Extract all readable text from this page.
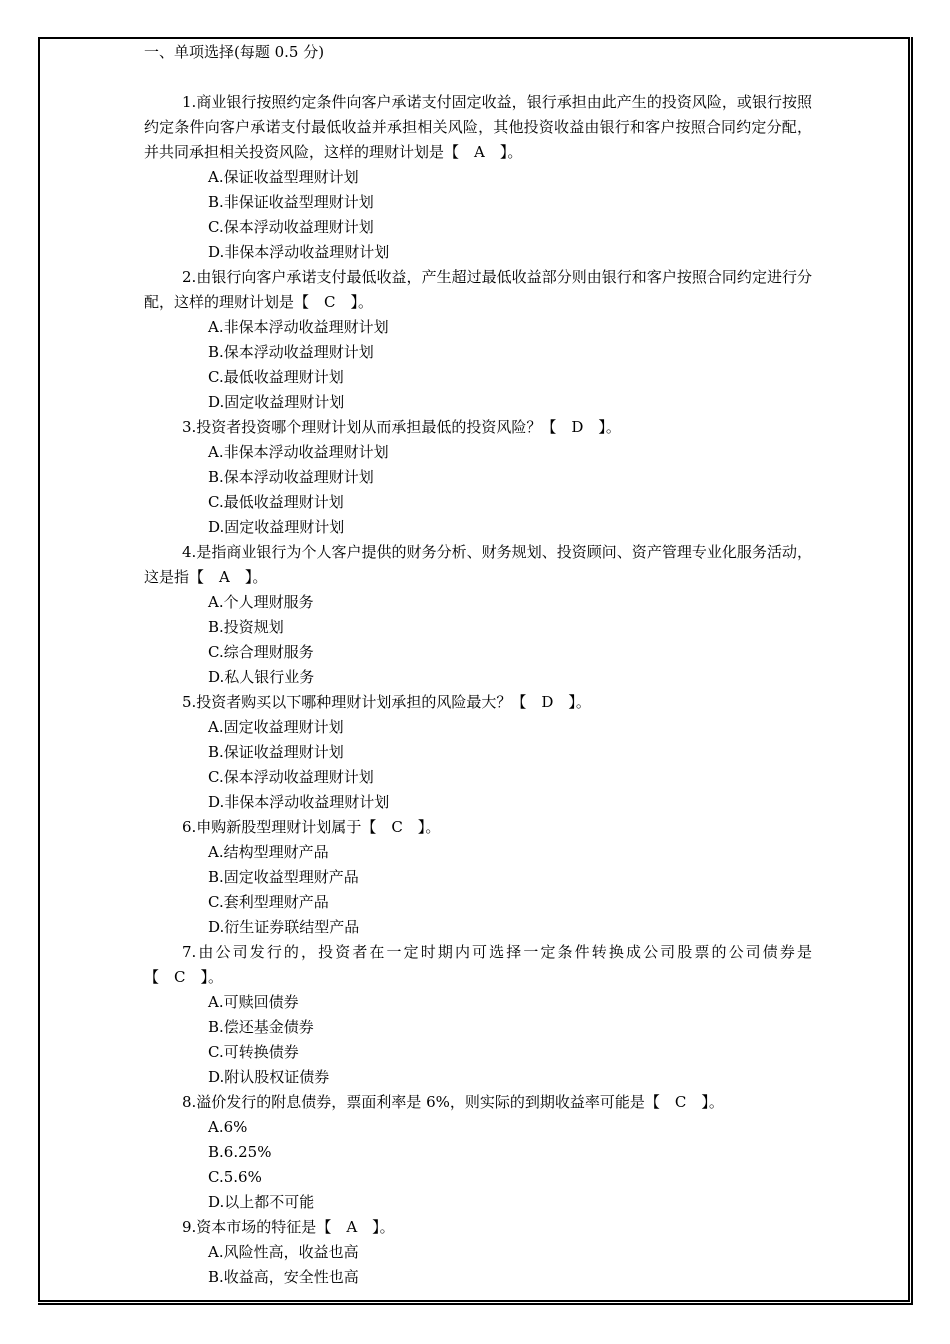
一、单项选择(每题 0.5 分)
1.商业银行按照约定条件向客户承诺支付固定收益，银行承担由此产生的投资风险，或银行按照约定条件向客户承诺支付最低收益并承担相关风险，其他投资收益由银行和客户按照合同约定分配，并共同承担相关投资风险，这样的理财计划是【　A　】。
A.保证收益型理财计划
B.非保证收益型理财计划
C.保本浮动收益理财计划
D.非保本浮动收益理财计划
2.由银行向客户承诺支付最低收益，产生超过最低收益部分则由银行和客户按照合同约定进行分配，这样的理财计划是【　C　】。
A.非保本浮动收益理财计划
B.保本浮动收益理财计划
C.最低收益理财计划
D.固定收益理财计划
3.投资者投资哪个理财计划从而承担最低的投资风险？【　D　】。
A.非保本浮动收益理财计划
B.保本浮动收益理财计划
C.最低收益理财计划
D.固定收益理财计划
4.是指商业银行为个人客户提供的财务分析、财务规划、投资顾问、资产管理专业化服务活动，这是指【　A　】。
A.个人理财服务
B.投资规划
C.综合理财服务
D.私人银行业务
5.投资者购买以下哪种理财计划承担的风险最大？【　D　】。
A.固定收益理财计划
B.保证收益理财计划
C.保本浮动收益理财计划
D.非保本浮动收益理财计划
6.申购新股型理财计划属于【　C　】。
A.结构型理财产品
B.固定收益型理财产品
C.套利型理财产品
D.衍生证券联结型产品
7.由公司发行的，投资者在一定时期内可选择一定条件转换成公司股票的公司债券是【　C　】。
A.可赎回债券
B.偿还基金债券
C.可转换债券
D.附认股权证债券
8.溢价发行的附息债券，票面利率是 6%，则实际的到期收益率可能是【　C　】。
A.6%
B.6.25%
C.5.6%
D.以上都不可能
9.资本市场的特征是【　A　】。
A.风险性高，收益也高
B.收益高，安全性也高
